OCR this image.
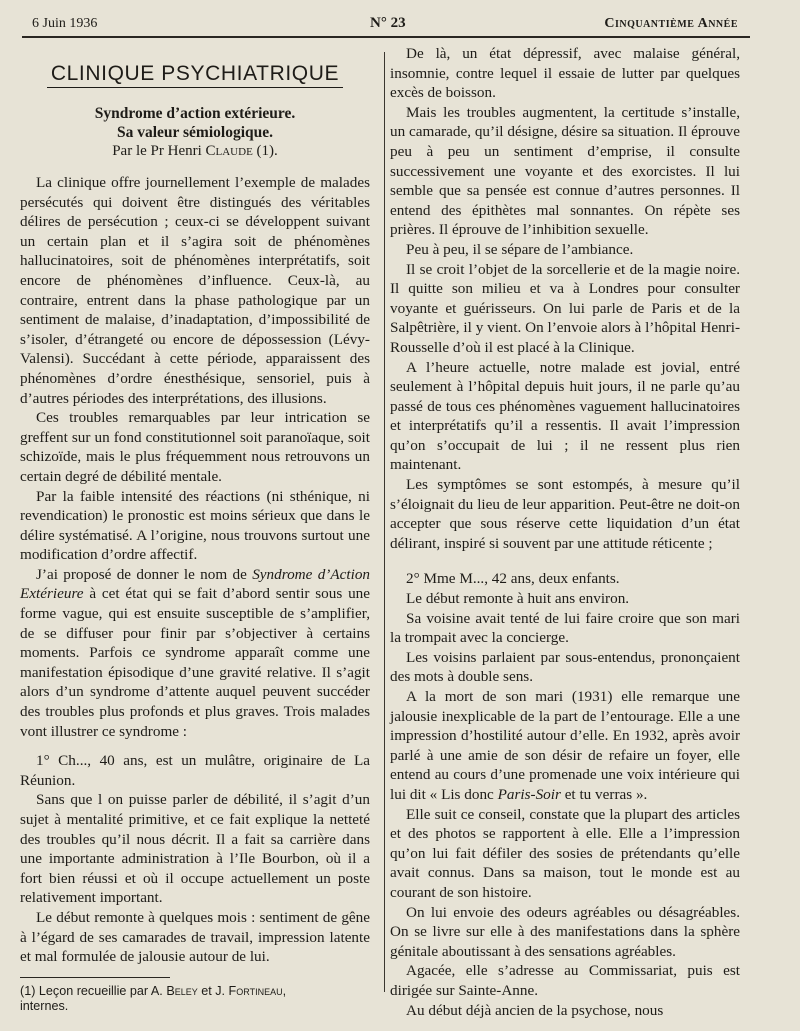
6 Juin 1936	N° 23	Cinquantième Année
CLINIQUE PSYCHIATRIQUE
Syndrome d’action extérieure.
Sa valeur sémiologique.
Par le Pr Henri Claude (1).

La clinique offre journellement l’exemple de malades persécutés qui doivent être distingués des véritables délires de persécution ; ceux-ci se développent suivant un certain plan et il s’agira soit de phénomènes hallucinatoires, soit de phénomènes interprétatifs, soit encore de phénomènes d’influence. Ceux-là, au contraire, entrent dans la phase pathologique par un sentiment de malaise, d’inadaptation, d’impossibilité de s’isoler, d’étrangeté ou encore de dépossession (Lévy-Valensi). Succédant à cette période, apparaissent des phénomènes d’ordre énesthésique, sensoriel, puis à d’autres périodes des interprétations, des illusions.

Ces troubles remarquables par leur intrication se greffent sur un fond constitutionnel soit paranoïaque, soit schizoïde, mais le plus fréquemment nous retrouvons un certain degré de débilité mentale.

Par la faible intensité des réactions (ni sthénique, ni revendication) le pronostic est moins sérieux que dans le délire systématisé. A l’origine, nous trouvons surtout une modification d’ordre affectif.

J’ai proposé de donner le nom de Syndrome d’Action Extérieure à cet état qui se fait d’abord sentir sous une forme vague, qui est ensuite susceptible de s’amplifier, de se diffuser pour finir par s’objectiver à certains moments. Parfois ce syndrome apparaît comme une manifestation épisodique d’une gravité relative. Il s’agit alors d’un syndrome d’attente auquel peuvent succéder des troubles plus profonds et plus graves. Trois malades vont illustrer ce syndrome :

1° Ch..., 40 ans, est un mulâtre, originaire de La Réunion.

Sans que l on puisse parler de débilité, il s’agit d’un sujet à mentalité primitive, et ce fait explique la netteté des troubles qu’il nous décrit. Il a fait sa carrière dans une importante administration à l’Ile Bourbon, où il a fort bien réussi et où il occupe actuellement un poste relativement important.

Le début remonte à quelques mois : sentiment de gêne à l’égard de ses camarades de travail, impression latente et mal formulée de jalousie autour de lui.

(1) Leçon recueillie par A. Beley et J. Fortineau,
internes.

De là, un état dépressif, avec malaise général, insomnie, contre lequel il essaie de lutter par quelques excès de boisson.

Mais les troubles augmentent, la certitude s’installe, un camarade, qu’il désigne, désire sa situation. Il éprouve peu à peu un sentiment d’emprise, il consulte successivement une voyante et des exorcistes. Il lui semble que sa pensée est connue d’autres personnes. Il entend des épithètes mal sonnantes. On répète ses prières. Il éprouve de l’inhibition sexuelle.

Peu à peu, il se sépare de l’ambiance.

Il se croit l’objet de la sorcellerie et de la magie noire. Il quitte son milieu et va à Londres pour consulter voyante et guérisseurs. On lui parle de Paris et de la Salpêtrière, il y vient. On l’envoie alors à l’hôpital Henri-Rousselle d’où il est placé à la Clinique.

A l’heure actuelle, notre malade est jovial, entré seulement à l’hôpital depuis huit jours, il ne parle qu’au passé de tous ces phénomènes vaguement hallucinatoires et interprétatifs qu’il a ressentis. Il avait l’impression qu’on s’occupait de lui ; il ne ressent plus rien maintenant.

Les symptômes se sont estompés, à mesure qu’il s’éloignait du lieu de leur apparition. Peut-être ne doit-on accepter que sous réserve cette liquidation d’un état délirant, inspiré si souvent par une attitude réticente ;

2° Mme M..., 42 ans, deux enfants.

Le début remonte à huit ans environ.

Sa voisine avait tenté de lui faire croire que son mari la trompait avec la concierge.

Les voisins parlaient par sous-entendus, prononçaient des mots à double sens.

A la mort de son mari (1931) elle remarque une jalousie inexplicable de la part de l’entourage. Elle a une impression d’hostilité autour d’elle. En 1932, après avoir parlé à une amie de son désir de refaire un foyer, elle entend au cours d’une promenade une voix intérieure qui lui dit « Lis donc Paris-Soir et tu verras ».

Elle suit ce conseil, constate que la plupart des articles et des photos se rapportent à elle. Elle a l’impression qu’on lui fait défiler des sosies de prétendants qu’elle avait connus. Dans sa maison, tout le monde est au courant de son histoire.

On lui envoie des odeurs agréables ou désagréables. On se livre sur elle à des manifestations dans la sphère génitale aboutissant à des sensations agréables.

Agacée, elle s’adresse au Commissariat, puis est dirigée sur Sainte-Anne.

Au début déjà ancien de la psychose, nous
